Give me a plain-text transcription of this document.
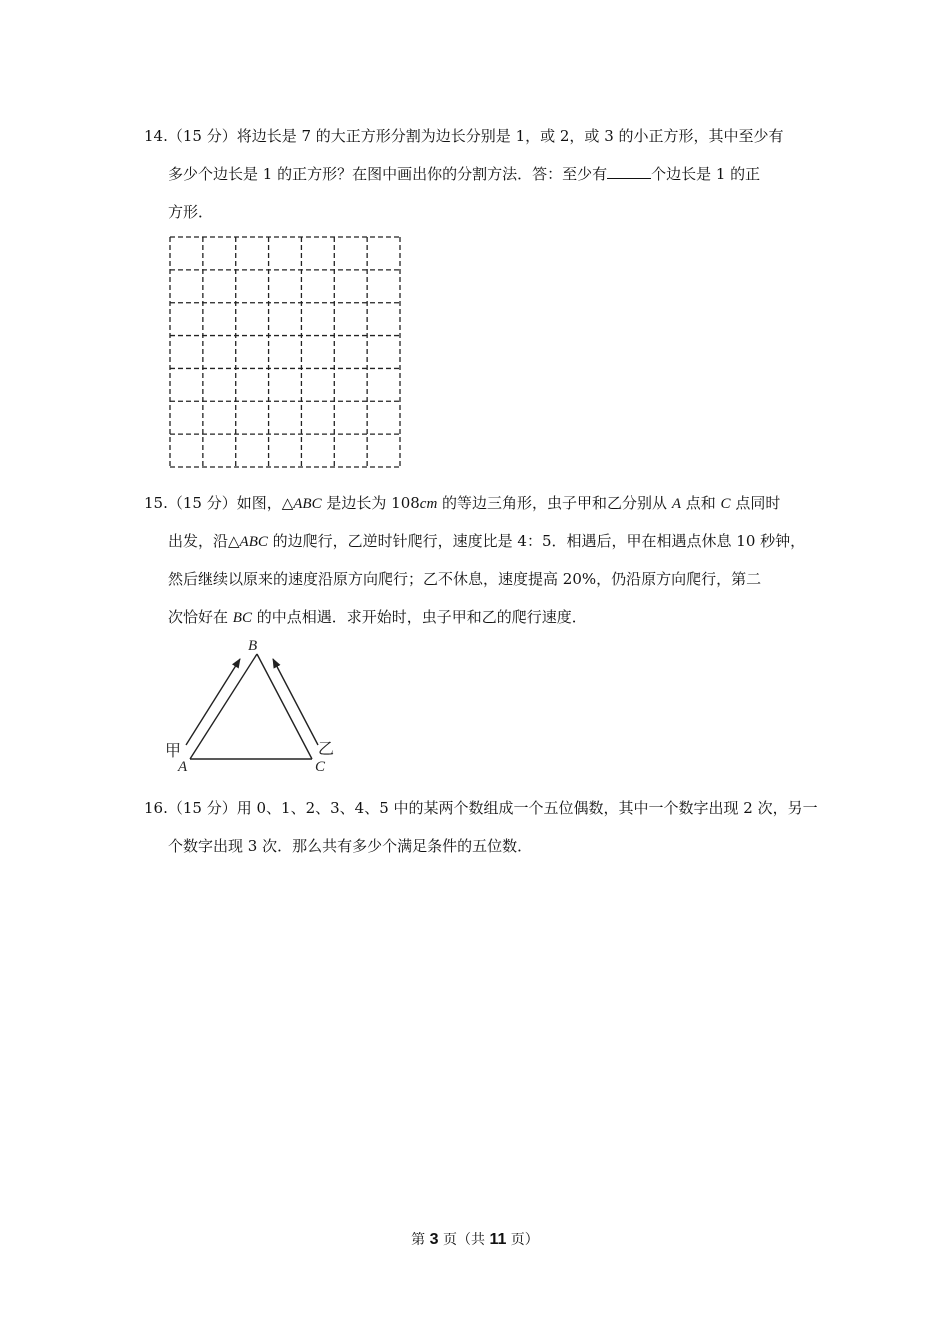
14.（15 分）将边长是 7 的大正方形分割为边长分别是 1，或 2，或 3 的小正方形，其中至少有
多少个边长是 1 的正方形？在图中画出你的分割方法．答：至少有	个边长是 1 的正
方形．
15.（15 分）如图，△ABC 是边长为 108cm 的等边三角形，虫子甲和乙分别从 A 点和 C 点同时
出发，沿△ABC 的边爬行，乙逆时针爬行，速度比是 4：5．相遇后，甲在相遇点休息 10 秒钟，
然后继续以原来的速度沿原方向爬行；乙不休息，速度提高 20%，仍沿原方向爬行，第二
次恰好在 BC 的中点相遇．求开始时，虫子甲和乙的爬行速度．
B
A	C
甲	乙
16.（15 分）用 0、1、2、3、4、5 中的某两个数组成一个五位偶数，其中一个数字出现 2 次，另一
个数字出现 3 次．那么共有多少个满足条件的五位数．
第 3 页（共 11 页）
